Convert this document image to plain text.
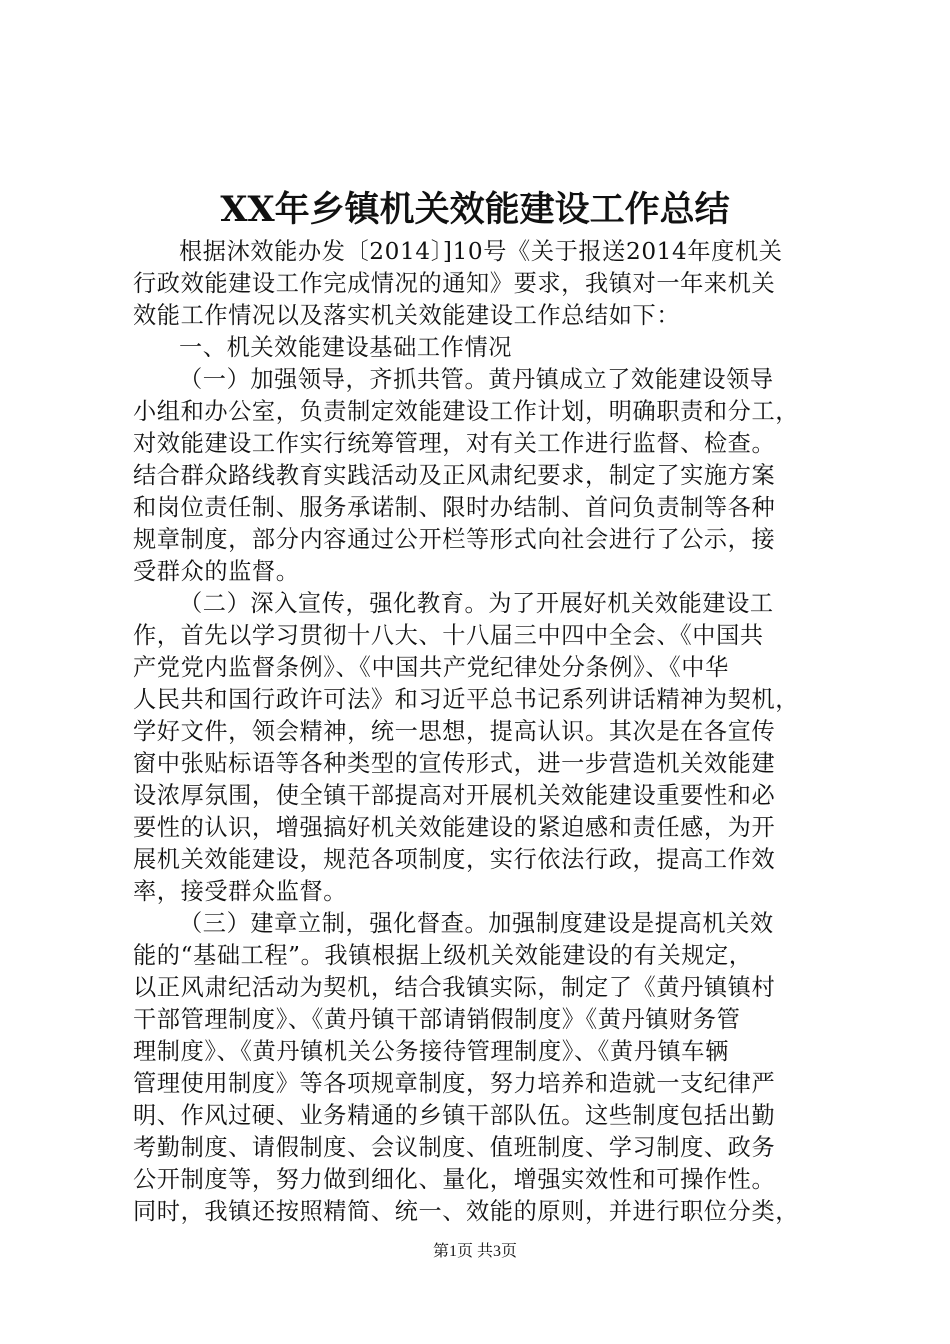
XX年乡镇机关效能建设工作总结
根据沐效能办发〔2014〕]10号《关于报送2014年度机关
行政效能建设工作完成情况的通知》要求，我镇对一年来机关
效能工作情况以及落实机关效能建设工作总结如下：
一、机关效能建设基础工作情况
（一）加强领导，齐抓共管。黄丹镇成立了效能建设领导
小组和办公室，负责制定效能建设工作计划，明确职责和分工，
对效能建设工作实行统筹管理，对有关工作进行监督、检查。
结合群众路线教育实践活动及正风肃纪要求，制定了实施方案
和岗位责任制、服务承诺制、限时办结制、首问负责制等各种
规章制度，部分内容通过公开栏等形式向社会进行了公示，接
受群众的监督。
（二）深入宣传，强化教育。为了开展好机关效能建设工
作，首先以学习贯彻十八大、十八届三中四中全会、《中国共
产党党内监督条例》、《中国共产党纪律处分条例》、《中华
人民共和国行政许可法》和习近平总书记系列讲话精神为契机，
学好文件，领会精神，统一思想，提高认识。其次是在各宣传
窗中张贴标语等各种类型的宣传形式，进一步营造机关效能建
设浓厚氛围，使全镇干部提高对开展机关效能建设重要性和必
要性的认识，增强搞好机关效能建设的紧迫感和责任感，为开
展机关效能建设，规范各项制度，实行依法行政，提高工作效
率，接受群众监督。
（三）建章立制，强化督查。加强制度建设是提高机关效
能的“基础工程”。我镇根据上级机关效能建设的有关规定，
以正风肃纪活动为契机，结合我镇实际，制定了《黄丹镇镇村
干部管理制度》、《黄丹镇干部请销假制度》《黄丹镇财务管
理制度》、《黄丹镇机关公务接待管理制度》、《黄丹镇车辆
管理使用制度》等各项规章制度，努力培养和造就一支纪律严
明、作风过硬、业务精通的乡镇干部队伍。这些制度包括出勤
考勤制度、请假制度、会议制度、值班制度、学习制度、政务
公开制度等，努力做到细化、量化，增强实效性和可操作性。
同时，我镇还按照精简、统一、效能的原则，并进行职位分类，
第1页 共3页
